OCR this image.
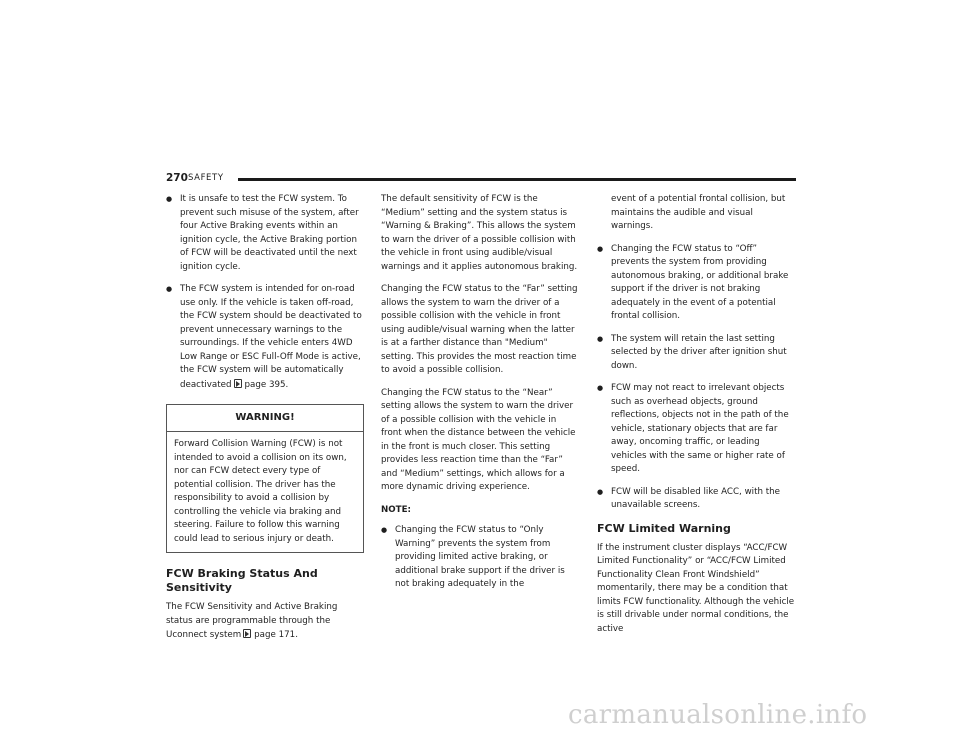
270 SAFETY
● It is unsafe to test the FCW system. To prevent such misuse of the system, after four Active Braking events within an ignition cycle, the Active Braking portion of FCW will be deactivated until the next ignition cycle.
● The FCW system is intended for on-road use only. If the vehicle is taken off-road, the FCW system should be deactivated to prevent unnecessary warnings to the surroundings. If the vehicle enters 4WD Low Range or ESC Full-Off Mode is active, the FCW system will be automatically deactivated page 395.
WARNING!
Forward Collision Warning (FCW) is not intended to avoid a collision on its own, nor can FCW detect every type of potential collision. The driver has the responsibility to avoid a collision by controlling the vehicle via braking and steering. Failure to follow this warning could lead to serious injury or death.
FCW Braking Status And Sensitivity

The FCW Sensitivity and Active Braking status are programmable through the Uconnect system page 171.

The default sensitivity of FCW is the “Medium” setting and the system status is “Warning & Braking”. This allows the system to warn the driver of a possible collision with the vehicle in front using audible/visual warnings and it applies autonomous braking.

Changing the FCW status to the “Far” setting allows the system to warn the driver of a possible collision with the vehicle in front using audible/visual warning when the latter is at a farther distance than "Medium" setting. This provides the most reaction time to avoid a possible collision.

Changing the FCW status to the “Near” setting allows the system to warn the driver of a possible collision with the vehicle in front when the distance between the vehicle in the front is much closer. This setting provides less reaction time than the “Far” and “Medium” settings, which allows for a more dynamic driving experience.

NOTE:
● Changing the FCW status to “Only Warning” prevents the system from providing limited active braking, or additional brake support if the driver is not braking adequately in the
event of a potential frontal collision, but maintains the audible and visual warnings.
● Changing the FCW status to “Off” prevents the system from providing autonomous braking, or additional brake support if the driver is not braking adequately in the event of a potential frontal collision.
● The system will retain the last setting selected by the driver after ignition shut down.
● FCW may not react to irrelevant objects such as overhead objects, ground reflections, objects not in the path of the vehicle, stationary objects that are far away, oncoming traffic, or leading vehicles with the same or higher rate of speed.
● FCW will be disabled like ACC, with the unavailable screens.
FCW Limited Warning

If the instrument cluster displays “ACC/FCW Limited Functionality” or “ACC/FCW Limited Functionality Clean Front Windshield” momentarily, there may be a condition that limits FCW functionality. Although the vehicle is still drivable under normal conditions, the active

carmanualsonline.info
